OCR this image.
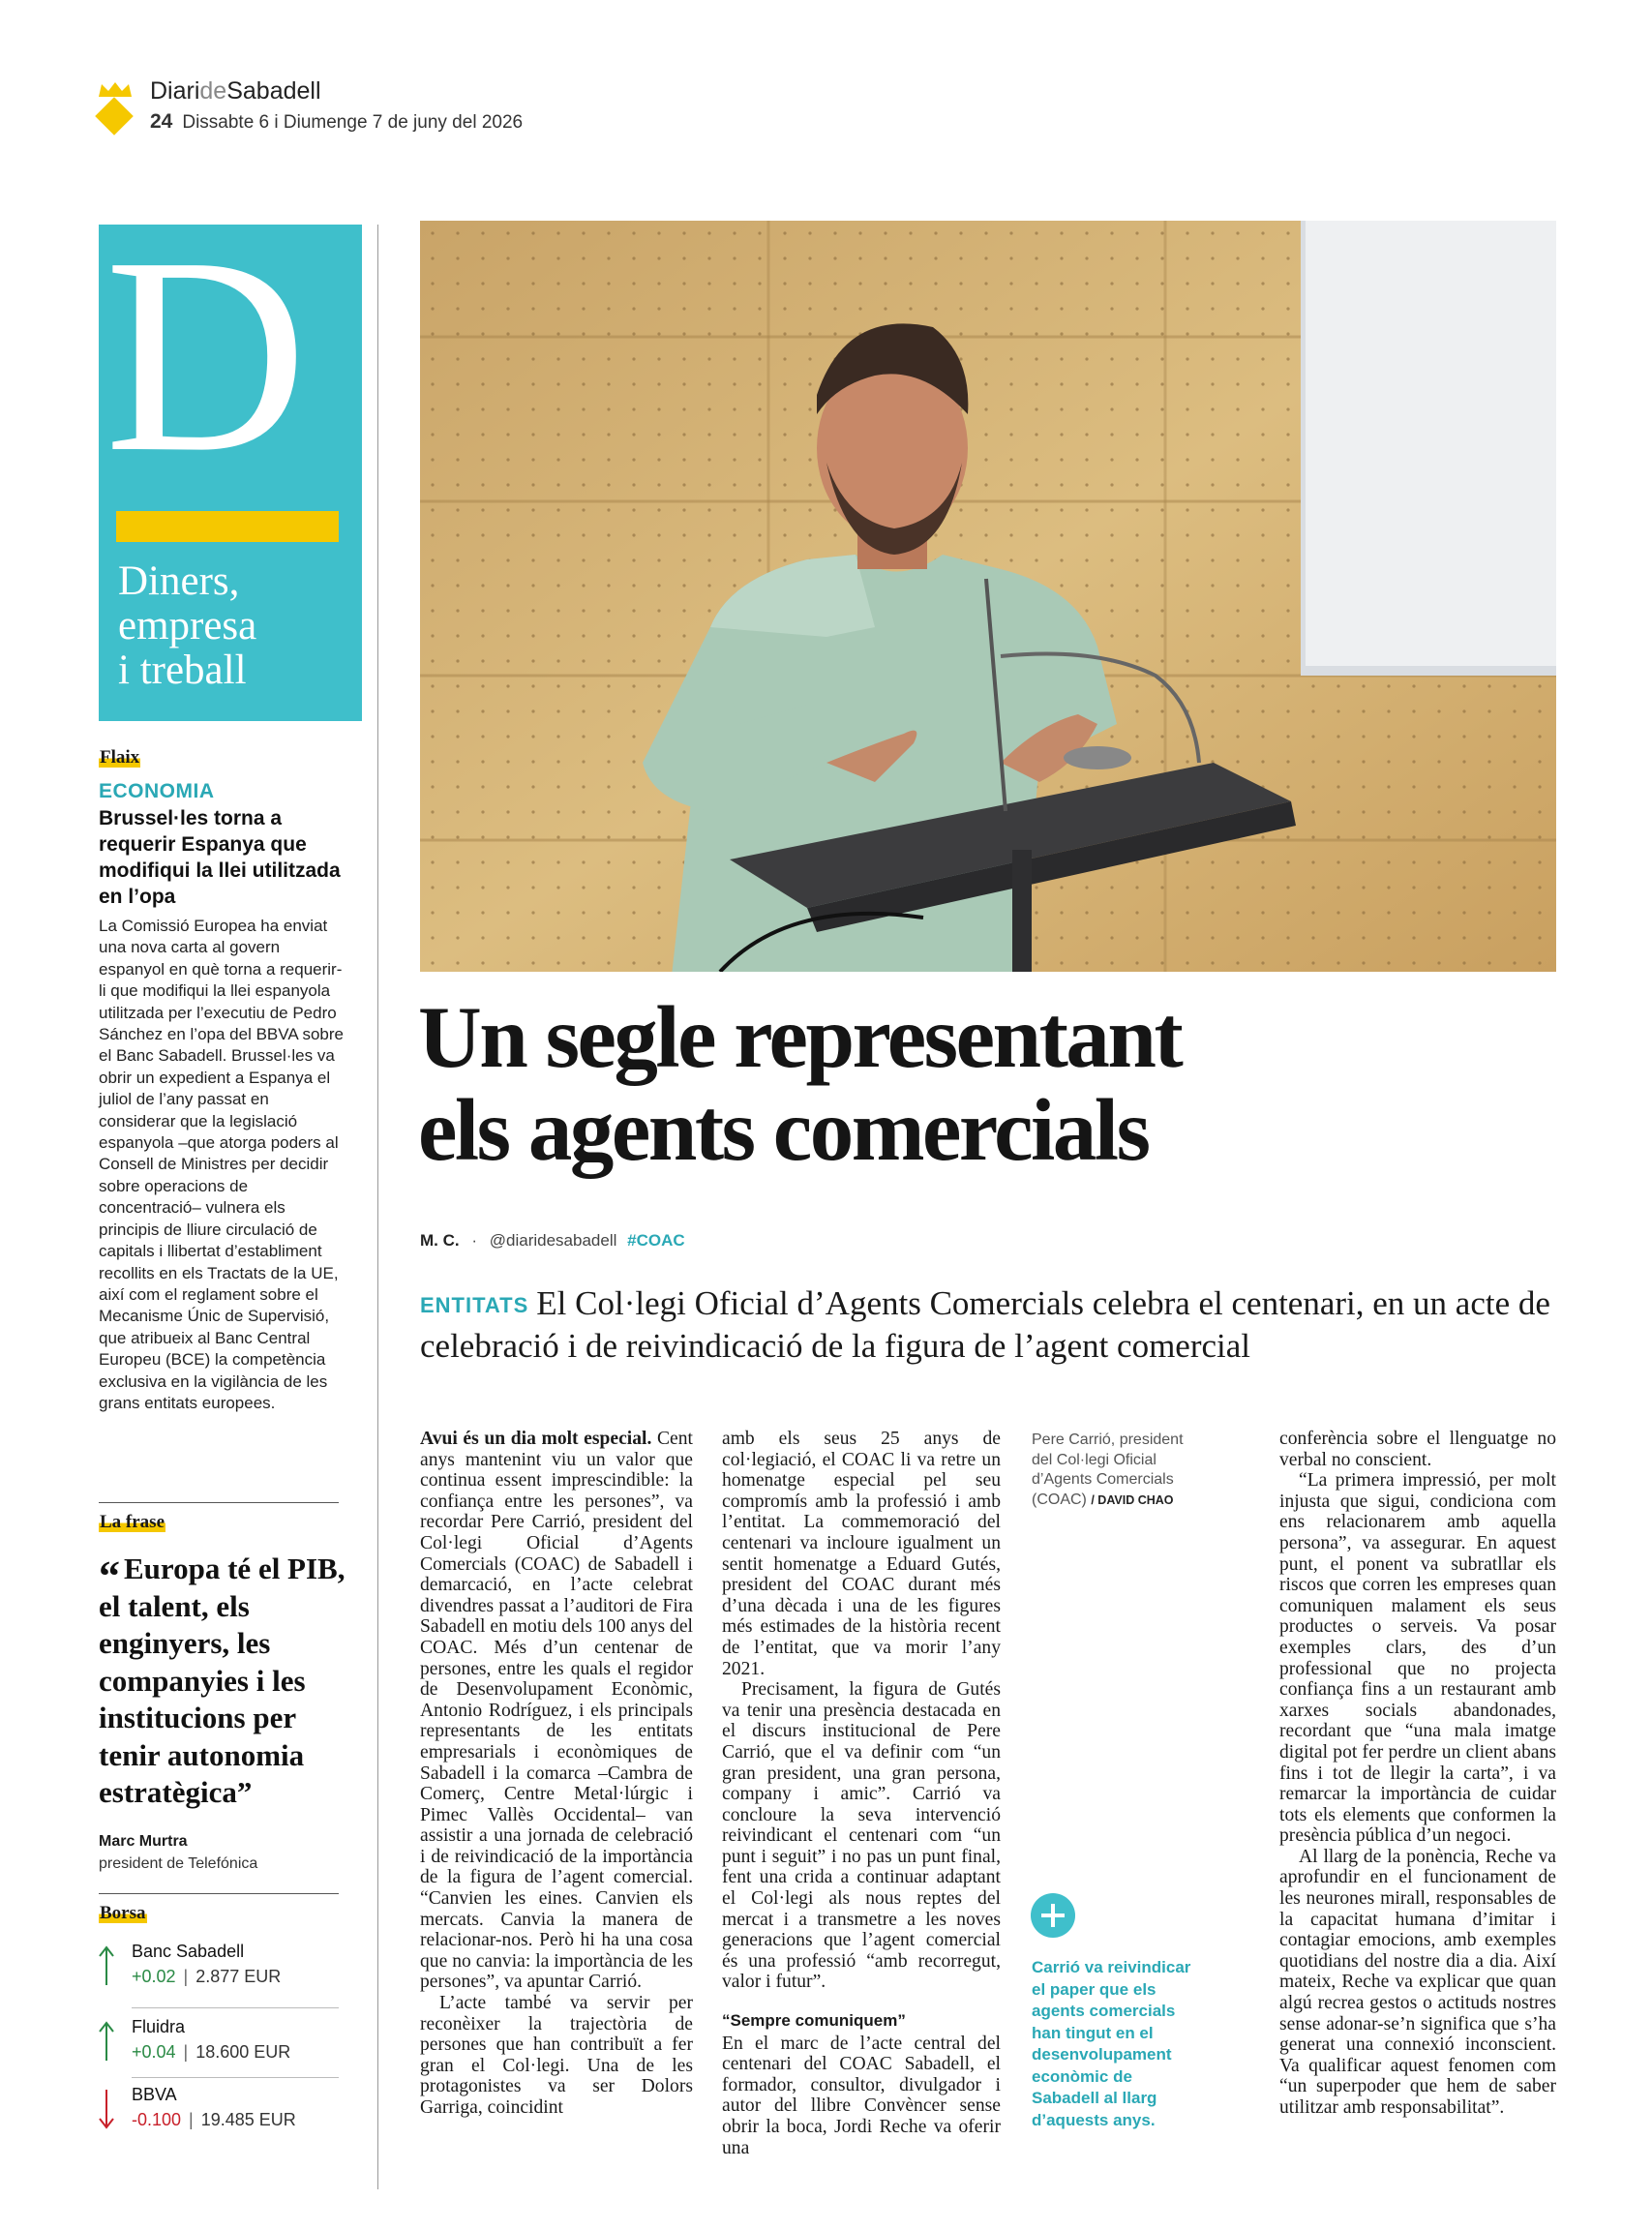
DiarideSabadell
24 Dissabte 6 i Diumenge 7 de juny del 2026
D
Diners,
empresa
i treball
Flaix
ECONOMIA
Brussel·les torna a requerir Espanya que modifiqui la llei utilitzada en l’opa
La Comissió Europea ha enviat una nova carta al govern espanyol en què torna a requerir-li que modifiqui la llei espanyola utilitzada per l’executiu de Pedro Sánchez en l’opa del BBVA sobre el Banc Sabadell. Brussel·les va obrir un expedient a Espanya el juliol de l’any passat en considerar que la legislació espanyola –que atorga poders al Consell de Ministres per decidir sobre operacions de concentració– vulnera els principis de lliure circulació de capitals i llibertat d’establiment recollits en els Tractats de la UE, així com el reglament sobre el Mecanisme Únic de Supervisió, que atribueix al Banc Central Europeu (BCE) la competència exclusiva en la vigilància de les grans entitats europees.
La frase
“ Europa té el PIB, el talent, els enginyers, les companyies i les institucions per tenir autonomia estratègica”
Marc Murtra
president de Telefónica
Borsa
Banc Sabadell
+0.02 | 2.877 EUR
Fluidra
+0.04 | 18.600 EUR
BBVA
-0.100 | 19.485 EUR
Un segle representant
els agents comercials
M. C. · @diaridesabadell #COAC
ENTITATS El Col·legi Oficial d’Agents Comercials celebra el centenari, en un acte de celebració i de reivindicació de la figura de l’agent comercial

Avui és un dia molt especial. Cent anys mantenint viu un valor que continua essent imprescindible: la confiança entre les persones”, va recordar Pere Carrió, president del Col·legi Oficial d’Agents Comercials (COAC) de Sabadell i demarcació, en l’acte celebrat divendres passat a l’auditori de Fira Sabadell en motiu dels 100 anys del COAC. Més d’un centenar de persones, entre les quals el regidor de Desenvolupament Econòmic, Antonio Rodríguez, i els principals representants de les entitats empresarials i econòmiques de Sabadell i la comarca –Cambra de Comerç, Centre Metal·lúrgic i Pimec Vallès Occidental– van assistir a una jornada de celebració i de reivindicació de la importància de la figura de l’agent comercial. “Canvien les eines. Canvien els mercats. Canvia la manera de relacionar-nos. Però hi ha una cosa que no canvia: la importància de les persones”, va apuntar Carrió.

L’acte també va servir per reconèixer la trajectòria de persones que han contribuït a fer gran el Col·legi. Una de les protagonistes va ser Dolors Garriga, coincidint

amb els seus 25 anys de col·legiació, el COAC li va retre un homenatge especial pel seu compromís amb la professió i amb l’entitat. La commemoració del centenari va incloure igualment un sentit homenatge a Eduard Gutés, president del COAC durant més d’una dècada i una de les figures més estimades de la història recent de l’entitat, que va morir l’any 2021.

Precisament, la figura de Gutés va tenir una presència destacada en el discurs institucional de Pere Carrió, que el va definir com “un gran president, una gran persona, company i amic”. Carrió va concloure la seva intervenció reivindicant el centenari com “un punt i seguit” i no pas un punt final, fent una crida a continuar adaptant el Col·legi als nous reptes del mercat i a transmetre a les noves generacions que l’agent comercial és una professió “amb recorregut, valor i futur”.

“Sempre comuniquem”

En el marc de l’acte central del centenari del COAC Sabadell, el formador, consultor, divulgador i autor del llibre Convèncer sense obrir la boca, Jordi Reche va oferir una

Pere Carrió, president del Col·legi Oficial d’Agents Comercials (COAC) / DAVID CHAO
Carrió va reivindicar el paper que els agents comercials han tingut en el desenvolupament econòmic de Sabadell al llarg d’aquests anys.

conferència sobre el llenguatge no verbal no conscient.

“La primera impressió, per molt injusta que sigui, condiciona com ens relacionarem amb aquella persona”, va assegurar. En aquest punt, el ponent va subratllar els riscos que corren les empreses quan comuniquen malament els seus productes o serveis. Va posar exemples clars, des d’un professional que no projecta confiança fins a un restaurant amb xarxes socials abandonades, recordant que “una mala imatge digital pot fer perdre un client abans fins i tot de llegir la carta”, i va remarcar la importància de cuidar tots els elements que conformen la presència pública d’un negoci.

Al llarg de la ponència, Reche va aprofundir en el funcionament de les neurones mirall, responsables de la capacitat humana d’imitar i contagiar emocions, amb exemples quotidians del nostre dia a dia. Així mateix, Reche va explicar que quan algú recrea gestos o actituds nostres sense adonar-se’n significa que s’ha generat una connexió inconscient. Va qualificar aquest fenomen com “un superpoder que hem de saber utilitzar amb responsabilitat”.
